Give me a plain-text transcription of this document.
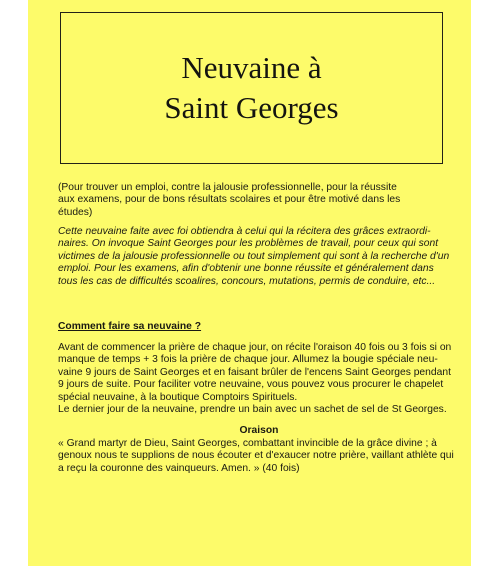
Neuvaine à

Saint Georges

(Pour trouver un emploi, contre la jalousie professionnelle, pour la réussite
aux examens, pour de bons résultats scolaires et pour être motivé dans les
études)

Cette neuvaine faite avec foi obtiendra à celui qui la récitera des grâces extraordi-
naires. On invoque Saint Georges pour les problèmes de travail, pour ceux qui sont
victimes de la jalousie professionnelle ou tout simplement qui sont à la recherche d'un
emploi. Pour les examens, afin d'obtenir une bonne réussite et généralement dans
tous les cas de difficultés scoalires, concours, mutations, permis de conduire, etc...

Comment faire sa neuvaine ?

Avant de commencer la prière de chaque jour, on récite l'oraison 40 fois ou 3 fois si on
manque de temps + 3 fois la prière de chaque jour. Allumez la bougie spéciale neu-
vaine 9 jours de Saint Georges et en faisant brûler de l'encens Saint Georges pendant
9 jours de suite. Pour faciliter votre neuvaine, vous pouvez vous procurer le chapelet
spécial neuvaine, à la boutique Comptoirs Spirituels.
Le dernier jour de la neuvaine, prendre un bain avec un sachet de sel de St Georges.

Oraison

« Grand martyr de Dieu, Saint Georges, combattant invincible de la grâce divine ; à
genoux nous te supplions de nous écouter et d'exaucer notre prière, vaillant athlète qui
a reçu la couronne des vainqueurs. Amen. » (40 fois)
